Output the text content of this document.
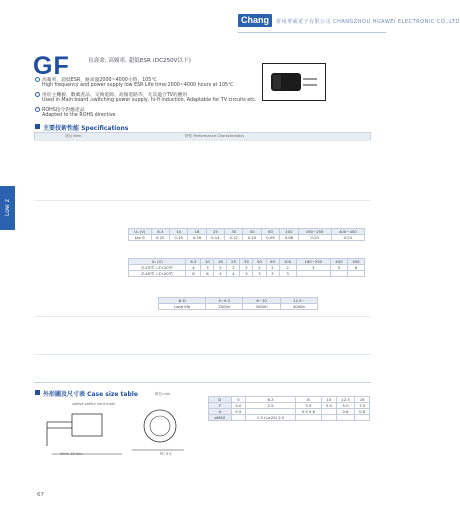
Chang	常州華威電子有限公司 CHANGZHOU HUAWEI ELECTRONIC CO.,LTD
GF	長壽命, 高頻率, 超低ESR (DC250V以下)
高頻率，超低ESR，耐高溫2000~4000小時，105℃
High frequency and power supply low ESR Life time:2000~4000 hours at 105℃
用於主機板、數碼產品、交換電源、高頻電路等，尤其適合TV的應用
Used in Main board ,switching power supply, hi-fi induction, Adaptable for TV circuits etc.
ROHS指令對應產品
Adapted to the ROHS directive
主要技術性能 Specifications
項目 Item	特性 Performance Characteristics
Low z
U₀ (V)	6.3	10	16	25	35	50	63	100	160~250	400~450
tan δ	0.22	0.19	0.16	0.14	0.12	0.10	0.09	0.08	0.20	0.24
U₀ (V)	6.3	10	16	25	35	50	63	100	160~250	400	450
Z-25℃ / Z+20℃	4	3	2	2	2	2	2	2	3	5	6
Z-40℃ / Z+20℃	8	6	4	4	3	3	3	3			
Φ D	5~6.3	8~10	12.5~
Load life	2000h	3000h	4000h
外形圖及尺寸表 Case size table	單位:mm
sleeve safety vent mark
4min 15 min	PC 0.5
D	5	6.3	8	10	12.5	16
F	2.0	2.5	3.5	5.0	5.0	7.5
d	0.5		0.5 0.6		0.6	0.8
αMAX		1.5 (L≥20) 2.0				
67
